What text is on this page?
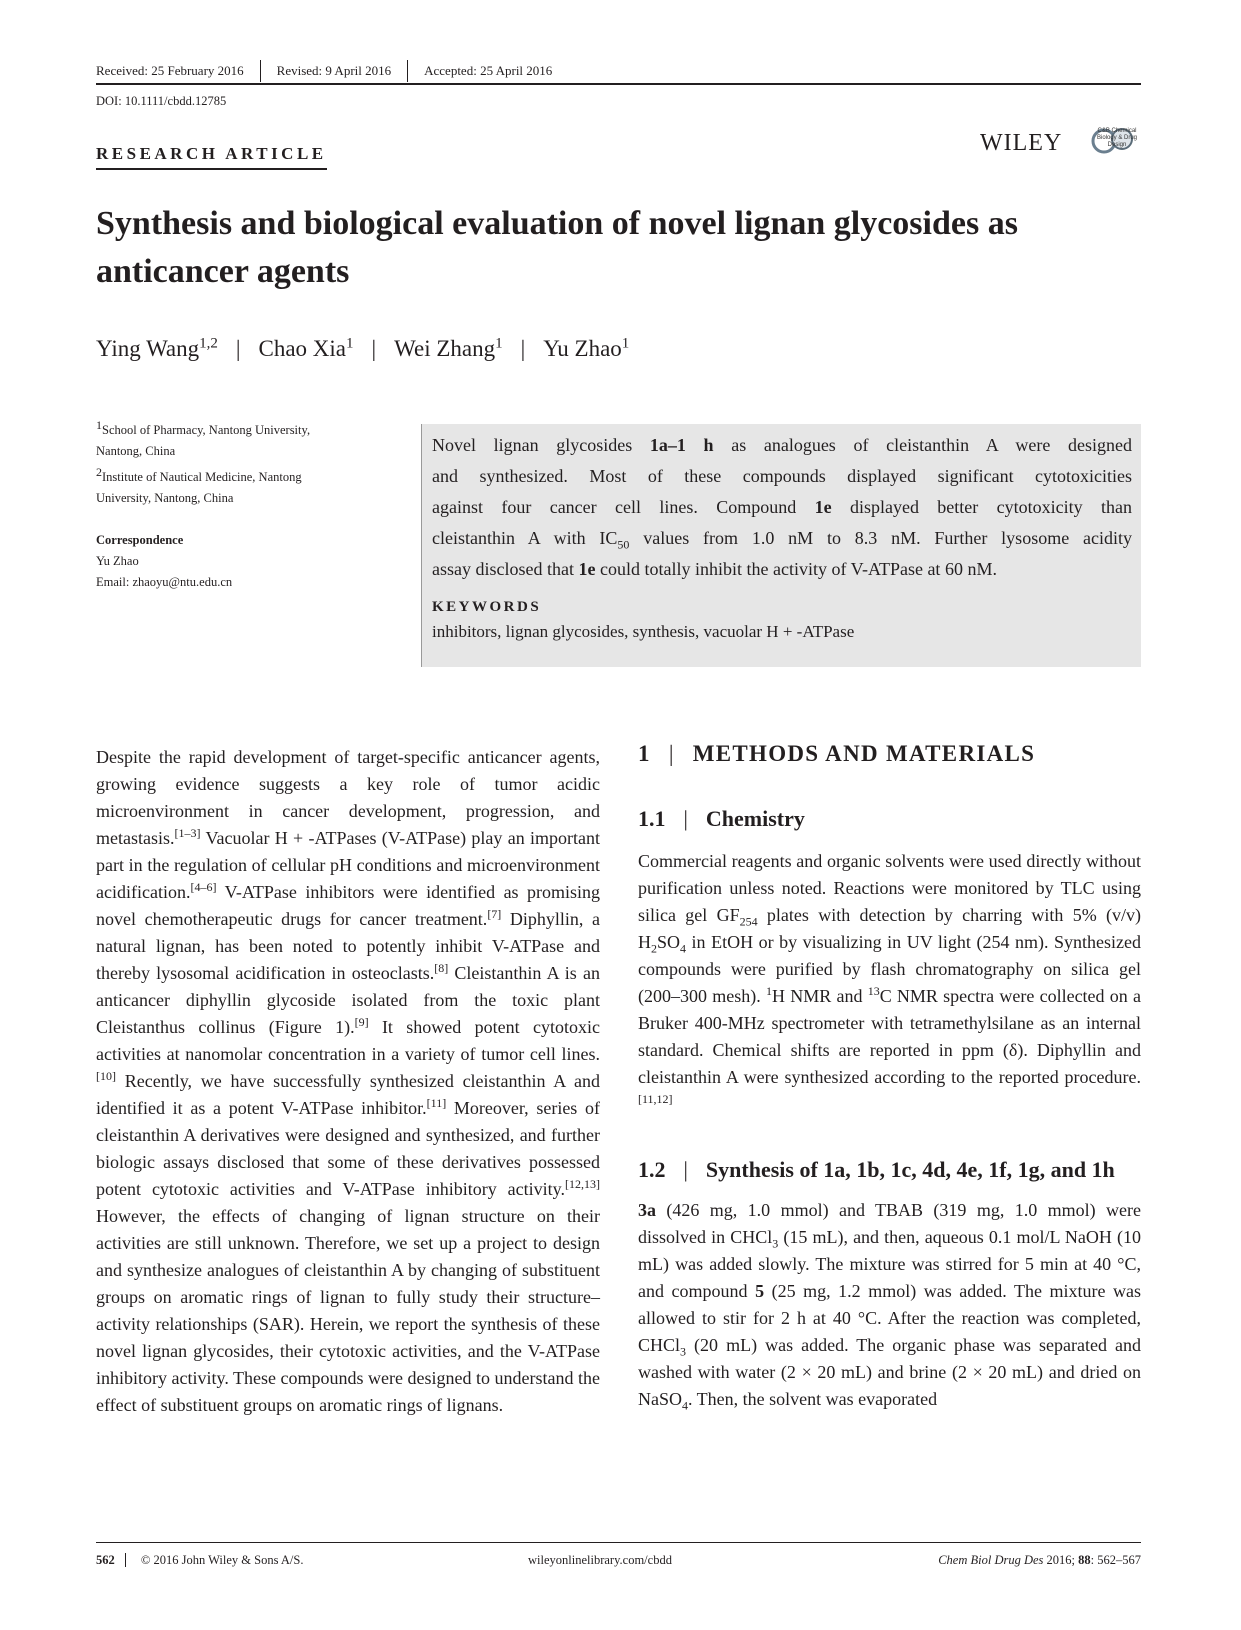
Received: 25 February 2016	Revised: 9 April 2016	Accepted: 25 April 2016
DOI: 10.1111/cbdd.12785
RESEARCH ARTICLE	WILEY	C&B Chemical Biology & Drug Design
Synthesis and biological evaluation of novel lignan glycosides as anticancer agents
Ying Wang$^{1,2}$ | Chao Xia$^1$ | Wei Zhang$^1$ | Yu Zhao$^1$
$^1$School of Pharmacy, Nantong University, Nantong, China
$^2$Institute of Nautical Medicine, Nantong University, Nantong, China
Correspondence
Yu Zhao
Email: zhaoyu@ntu.edu.cn

Novel lignan glycosides 1a–1 h as analogues of cleistanthin A were designed

and synthesized. Most of these compounds displayed significant cytotoxicities

against four cancer cell lines. Compound 1e displayed better cytotoxicity than

cleistanthin A with $IC_{50}$ values from 1.0 nM to 8.3 nM. Further lysosome acidity

assay disclosed that 1e could totally inhibit the activity of V-ATPase at 60 nM.

KEYWORDS
inhibitors, lignan glycosides, synthesis, vacuolar H + -ATPase

Despite the rapid development of target-specific anticancer agents, growing evidence suggests a key role of tumor acidic microenvironment in cancer development, progression, and metastasis.[1–3] Vacuolar H + -ATPases (V-ATPase) play an important part in the regulation of cellular pH conditions and microenvironment acidification.[4–6] V-ATPase inhibitors were identified as promising novel chemotherapeutic drugs for cancer treatment.[7] Diphyllin, a natural lignan, has been noted to potently inhibit V-ATPase and thereby lysosomal acidification in osteoclasts.[8] Cleistanthin A is an anticancer diphyllin glycoside isolated from the toxic plant Cleistanthus collinus (Figure 1).[9] It showed potent cytotoxic activities at nanomolar concentration in a variety of tumor cell lines.[10] Recently, we have successfully synthesized cleistanthin A and identified it as a potent V-ATPase inhibitor.[11] Moreover, series of cleistanthin A derivatives were designed and synthesized, and further biologic assays disclosed that some of these derivatives possessed potent cytotoxic activities and V-ATPase inhibitory activity.[12,13] However, the effects of changing of lignan structure on their activities are still unknown. Therefore, we set up a project to design and synthesize analogues of cleistanthin A by changing of substituent groups on aromatic rings of lignan to fully study their structure–activity relationships (SAR). Herein, we report the synthesis of these novel lignan glycosides, their cytotoxic activities, and the V-ATPase inhibitory activity. These compounds were designed to understand the effect of substituent groups on aromatic rings of lignans.

1 | METHODS AND MATERIALS
1.1 | Chemistry

Commercial reagents and organic solvents were used directly without purification unless noted. Reactions were monitored by TLC using silica gel $GF_{254}$ plates with detection by charring with 5% (v/v) $H_2SO_4$ in EtOH or by visualizing in UV light (254 nm). Synthesized compounds were purified by flash chromatography on silica gel (200–300 mesh). $^1$H NMR and $^{13}$C NMR spectra were collected on a Bruker 400-MHz spectrometer with tetramethylsilane as an internal standard. Chemical shifts are reported in ppm (δ). Diphyllin and cleistanthin A were synthesized according to the reported procedure.[11,12]

1.2 | Synthesis of 1a, 1b, 1c, 4d, 4e, 1f, 1g, and 1h

3a (426 mg, 1.0 mmol) and TBAB (319 mg, 1.0 mmol) were dissolved in CHCl$_3$ (15 mL), and then, aqueous 0.1 mol/L NaOH (10 mL) was added slowly. The mixture was stirred for 5 min at 40 °C, and compound 5 (25 mg, 1.2 mmol) was added. The mixture was allowed to stir for 2 h at 40 °C. After the reaction was completed, CHCl$_3$ (20 mL) was added. The organic phase was separated and washed with water (2 × 20 mL) and brine (2 × 20 mL) and dried on NaSO$_4$. Then, the solvent was evaporated

562 © 2016 John Wiley & Sons A/S.	wileyonlinelibrary.com/cbdd	Chem Biol Drug Des 2016; 88: 562–567
